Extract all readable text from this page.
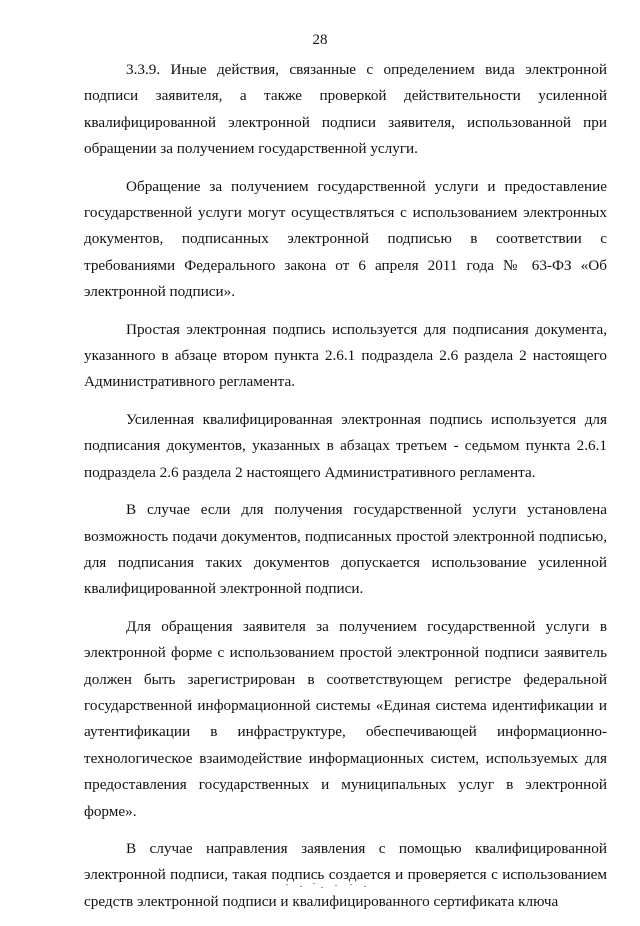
28

3.3.9. Иные действия, связанные с определением вида электронной подписи заявителя, а также проверкой действительности усиленной квалифицированной электронной подписи заявителя, использованной при обращении за получением государственной услуги.

Обращение за получением государственной услуги и предоставление государственной услуги могут осуществляться с использованием электронных документов, подписанных электронной подписью в соответствии с требованиями Федерального закона от 6 апреля 2011 года № 63-ФЗ «Об электронной подписи».

Простая электронная подпись используется для подписания документа, указанного в абзаце втором пункта 2.6.1 подраздела 2.6 раздела 2 настоящего Административного регламента.

Усиленная квалифицированная электронная подпись используется для подписания документов, указанных в абзацах третьем - седьмом пункта 2.6.1 подраздела 2.6 раздела 2 настоящего Административного регламента.

В случае если для получения государственной услуги установлена возможность подачи документов, подписанных простой электронной подписью, для подписания таких документов допускается использование усиленной квалифицированной электронной подписи.

Для обращения заявителя за получением государственной услуги в электронной форме с использованием простой электронной подписи заявитель должен быть зарегистрирован в соответствующем регистре федеральной государственной информационной системы «Единая система идентификации и аутентификации в инфраструктуре, обеспечивающей информационно-технологическое взаимодействие информационных систем, используемых для предоставления государственных и муниципальных услуг в электронной форме».

В случае направления заявления с помощью квалифицированной электронной подписи, такая подпись создается и проверяется с использованием средств электронной подписи и квалифицированного сертификата ключа
